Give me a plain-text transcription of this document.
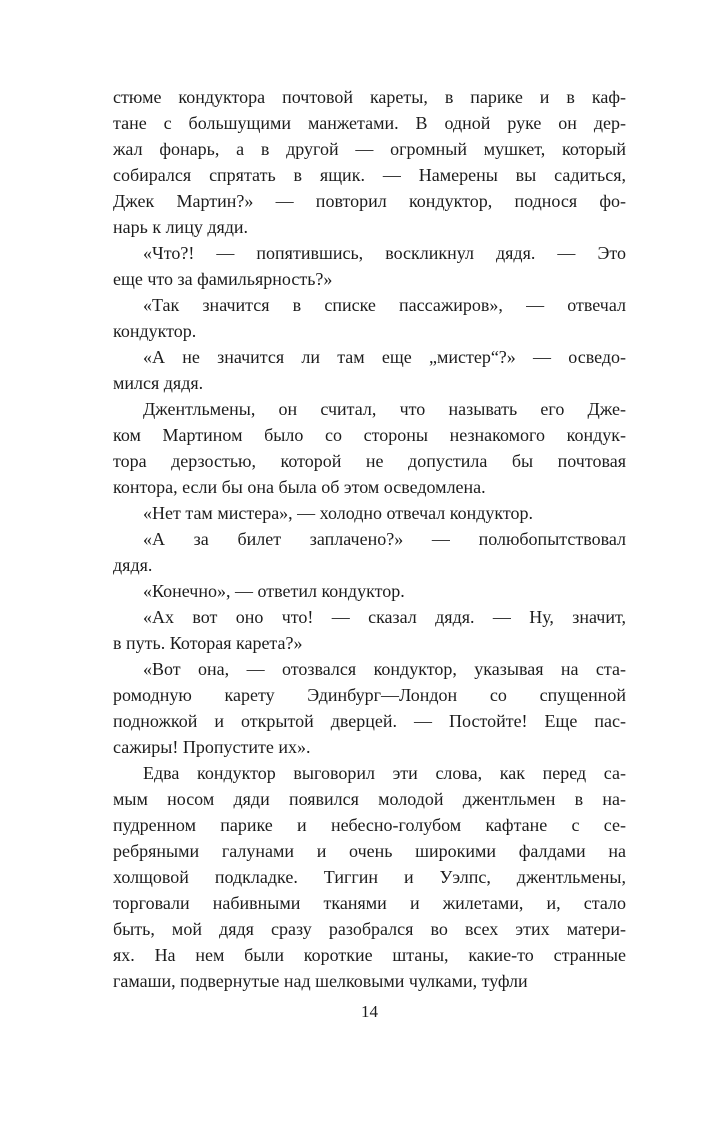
стюме кондуктора почтовой кареты, в парике и в каф-
тане с большущими манжетами. В одной руке он дер-
жал фонарь, а в другой — огромный мушкет, который
собирался спрятать в ящик. — Намерены вы садиться,
Джек Мартин?» — повторил кондуктор, поднося фо-
нарь к лицу дяди.
«Что?! — попятившись, воскликнул дядя. — Это
еще что за фамильярность?»
«Так значится в списке пассажиров», — отвечал
кондуктор.
«А не значится ли там еще „мистер“?» — осведо-
мился дядя.
Джентльмены, он считал, что называть его Дже-
ком Мартином было со стороны незнакомого кондук-
тора дерзостью, которой не допустила бы почтовая
контора, если бы она была об этом осведомлена.
«Нет там мистера», — холодно отвечал кондуктор.
«А за билет заплачено?» — полюбопытствовал
дядя.
«Конечно», — ответил кондуктор.
«Ах вот оно что! — сказал дядя. — Ну, значит,
в путь. Которая карета?»
«Вот она, — отозвался кондуктор, указывая на ста-
ромодную карету Эдинбург—Лондон со спущенной
подножкой и открытой дверцей. — Постойте! Еще пас-
сажиры! Пропустите их».
Едва кондуктор выговорил эти слова, как перед са-
мым носом дяди появился молодой джентльмен в на-
пудренном парике и небесно-голубом кафтане с се-
ребряными галунами и очень широкими фалдами на
холщовой подкладке. Тиггин и Уэлпс, джентльмены,
торговали набивными тканями и жилетами, и, стало
быть, мой дядя сразу разобрался во всех этих матери-
ях. На нем были короткие штаны, какие-то странные
гамаши, подвернутые над шелковыми чулками, туфли
14
